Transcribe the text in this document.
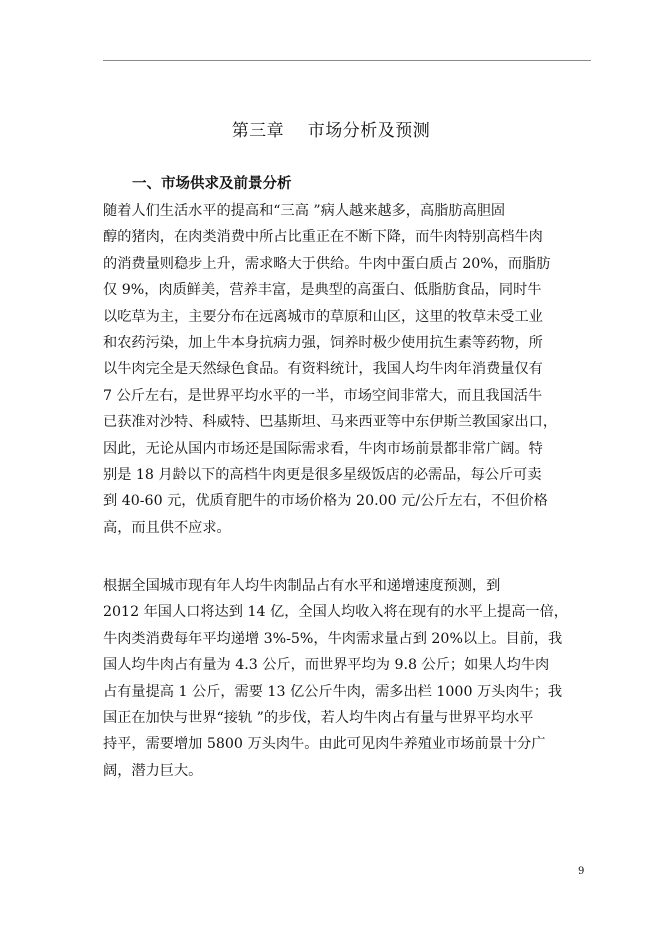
第三章    市场分析及预测
一、市场供求及前景分析
随着人们生活水平的提高和“三高 ”病人越来越多，高脂肪高胆固
醇的猪肉，在肉类消费中所占比重正在不断下降，而牛肉特别高档牛肉
的消费量则稳步上升，需求略大于供给。牛肉中蛋白质占 20%，而脂肪
仅 9%，肉质鲜美，营养丰富，是典型的高蛋白、低脂肪食品，同时牛
以吃草为主，主要分布在远离城市的草原和山区，这里的牧草未受工业
和农药污染，加上牛本身抗病力强，饲养时极少使用抗生素等药物，所
以牛肉完全是天然绿色食品。有资料统计，我国人均牛肉年消费量仅有
7 公斤左右，是世界平均水平的一半，市场空间非常大，而且我国活牛
已获准对沙特、科威特、巴基斯坦、马来西亚等中东伊斯兰教国家出口，
因此，无论从国内市场还是国际需求看，牛肉市场前景都非常广阔。特
别是 18 月龄以下的高档牛肉更是很多星级饭店的必需品，每公斤可卖
到 40-60 元，优质育肥牛的市场价格为 20.00 元/公斤左右，不但价格
高，而且供不应求。
根据全国城市现有年人均牛肉制品占有水平和递增速度预测，到
2012 年国人口将达到 14 亿，全国人均收入将在现有的水平上提高一倍，
牛肉类消费每年平均递增 3%-5%，牛肉需求量占到 20%以上。目前，我
国人均牛肉占有量为 4.3 公斤，而世界平均为 9.8 公斤；如果人均牛肉
占有量提高 1 公斤，需要 13 亿公斤牛肉，需多出栏 1000 万头肉牛；我
国正在加快与世界“接轨 ”的步伐，若人均牛肉占有量与世界平均水平
持平，需要增加 5800 万头肉牛。由此可见肉牛养殖业市场前景十分广
阔，潜力巨大。
9
